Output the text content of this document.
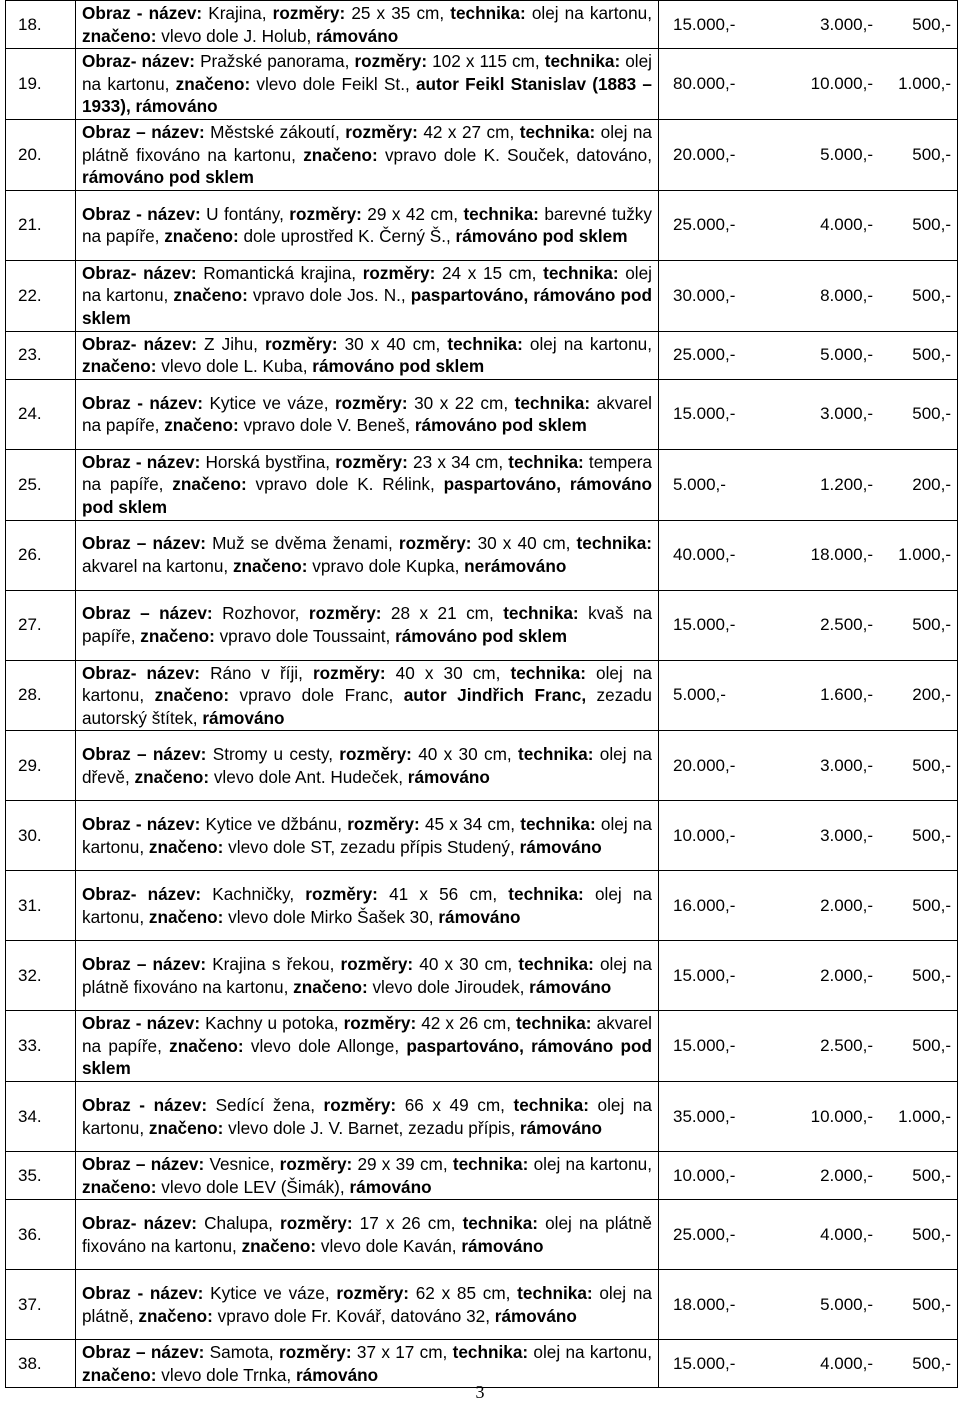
18.	Obraz - název: Krajina, rozměry: 25 x 35 cm, technika: olej na kartonu, značeno: vlevo dole J. Holub, rámováno	15.000,- 3.000,- 500,-
19.	Obraz- název: Pražské panorama, rozměry: 102 x 115 cm, technika: olej na kartonu, značeno: vlevo dole Feikl St., autor Feikl Stanislav (1883 – 1933), rámováno	80.000,- 10.000,- 1.000,-
20.	Obraz – název: Městské zákoutí, rozměry: 42 x 27 cm, technika: olej na plátně fixováno na kartonu, značeno: vpravo dole K. Souček, datováno, rámováno pod sklem	20.000,- 5.000,- 500,-
21.	Obraz - název: U fontány, rozměry: 29 x 42 cm, technika: barevné tužky na papíře, značeno: dole uprostřed K. Černý Š., rámováno pod sklem	25.000,- 4.000,- 500,-
22.	Obraz- název: Romantická krajina, rozměry: 24 x 15 cm, technika: olej na kartonu, značeno: vpravo dole Jos. N., paspartováno, rámováno pod sklem	30.000,- 8.000,- 500,-
23.	Obraz- název: Z Jihu, rozměry: 30 x 40 cm, technika: olej na kartonu, značeno: vlevo dole L. Kuba, rámováno pod sklem	25.000,- 5.000,- 500,-
24.	Obraz - název: Kytice ve váze, rozměry: 30 x 22 cm, technika: akvarel na papíře, značeno: vpravo dole V. Beneš, rámováno pod sklem	15.000,- 3.000,- 500,-
25.	Obraz - název: Horská bystřina, rozměry: 23 x 34 cm, technika: tempera na papíře, značeno: vpravo dole K. Rélink, paspartováno, rámováno pod sklem	5.000,- 1.200,- 200,-
26.	Obraz – název: Muž se dvěma ženami, rozměry: 30 x 40 cm, technika: akvarel na kartonu, značeno: vpravo dole Kupka, nerámováno	40.000,- 18.000,- 1.000,-
27.	Obraz – název: Rozhovor, rozměry: 28 x 21 cm, technika: kvaš na papíře, značeno: vpravo dole Toussaint, rámováno pod sklem	15.000,- 2.500,- 500,-
28.	Obraz- název: Ráno v říji, rozměry: 40 x 30 cm, technika: olej na kartonu, značeno: vpravo dole Franc, autor Jindřich Franc, zezadu autorský štítek, rámováno	5.000,- 1.600,- 200,-
29.	Obraz – název: Stromy u cesty, rozměry: 40 x 30 cm, technika: olej na dřevě, značeno: vlevo dole Ant. Hudeček, rámováno	20.000,- 3.000,- 500,-
30.	Obraz - název: Kytice ve džbánu, rozměry: 45 x 34 cm, technika: olej na kartonu, značeno: vlevo dole ST, zezadu přípis Studený, rámováno	10.000,- 3.000,- 500,-
31.	Obraz- název: Kachničky, rozměry: 41 x 56 cm, technika: olej na kartonu, značeno: vlevo dole Mirko Šašek 30, rámováno	16.000,- 2.000,- 500,-
32.	Obraz – název: Krajina s řekou, rozměry: 40 x 30 cm, technika: olej na plátně fixováno na kartonu, značeno: vlevo dole Jiroudek, rámováno	15.000,- 2.000,- 500,-
33.	Obraz - název: Kachny u potoka, rozměry: 42 x 26 cm, technika: akvarel na papíře, značeno: vlevo dole Allonge, paspartováno, rámováno pod sklem	15.000,- 2.500,- 500,-
34.	Obraz - název: Sedící žena, rozměry: 66 x 49 cm, technika: olej na kartonu, značeno: vlevo dole J. V. Barnet, zezadu přípis, rámováno	35.000,- 10.000,- 1.000,-
35.	Obraz – název: Vesnice, rozměry: 29 x 39 cm, technika: olej na kartonu, značeno: vlevo dole LEV (Šimák), rámováno	10.000,- 2.000,- 500,-
36.	Obraz- název: Chalupa, rozměry: 17 x 26 cm, technika: olej na plátně fixováno na kartonu, značeno: vlevo dole Kaván, rámováno	25.000,- 4.000,- 500,-
37.	Obraz - název: Kytice ve váze, rozměry: 62 x 85 cm, technika: olej na plátně, značeno: vpravo dole Fr. Kovář, datováno 32, rámováno	18.000,- 5.000,- 500,-
38.	Obraz – název: Samota, rozměry: 37 x 17 cm, technika: olej na kartonu, značeno: vlevo dole Trnka, rámováno	15.000,- 4.000,- 500,-
3
